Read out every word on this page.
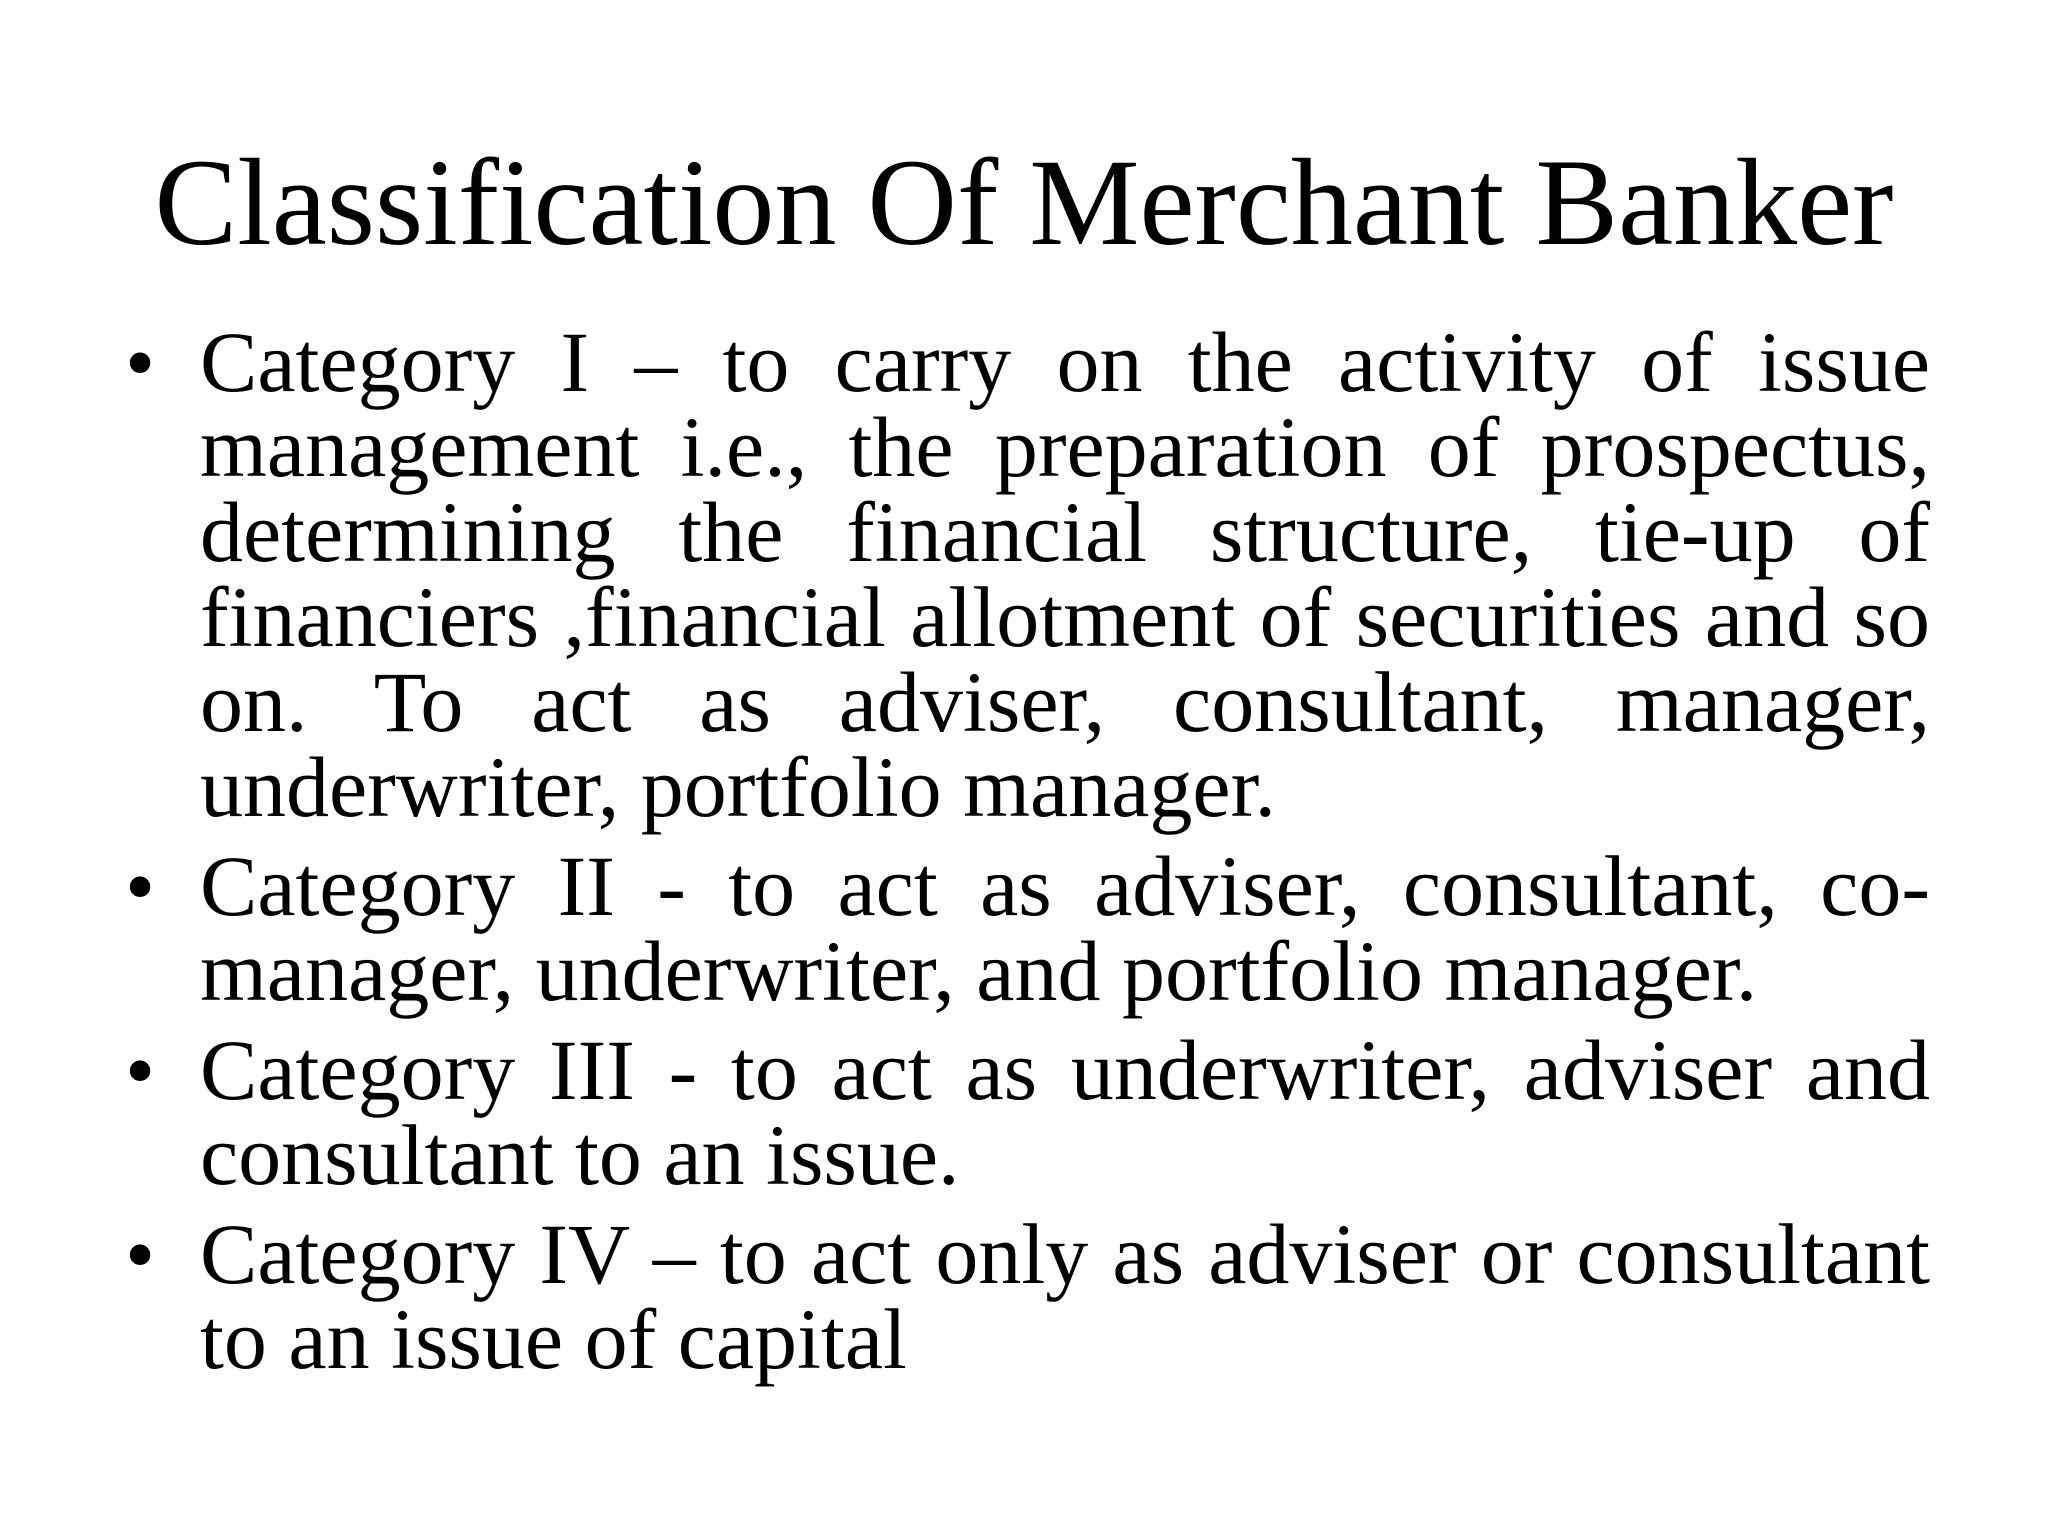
Classification Of Merchant Banker
• Category I – to carry on the activity of issue management i.e., the preparation of prospectus, determining the financial structure, tie-up of financiers ,financial allotment of securities and so on. To act as adviser, consultant, manager, underwriter, portfolio manager.
• Category II - to act as adviser, consultant, co-manager, underwriter, and portfolio manager.
• Category III - to act as underwriter, adviser and consultant to an issue.
• Category IV – to act only as adviser or consultant to an issue of capital
